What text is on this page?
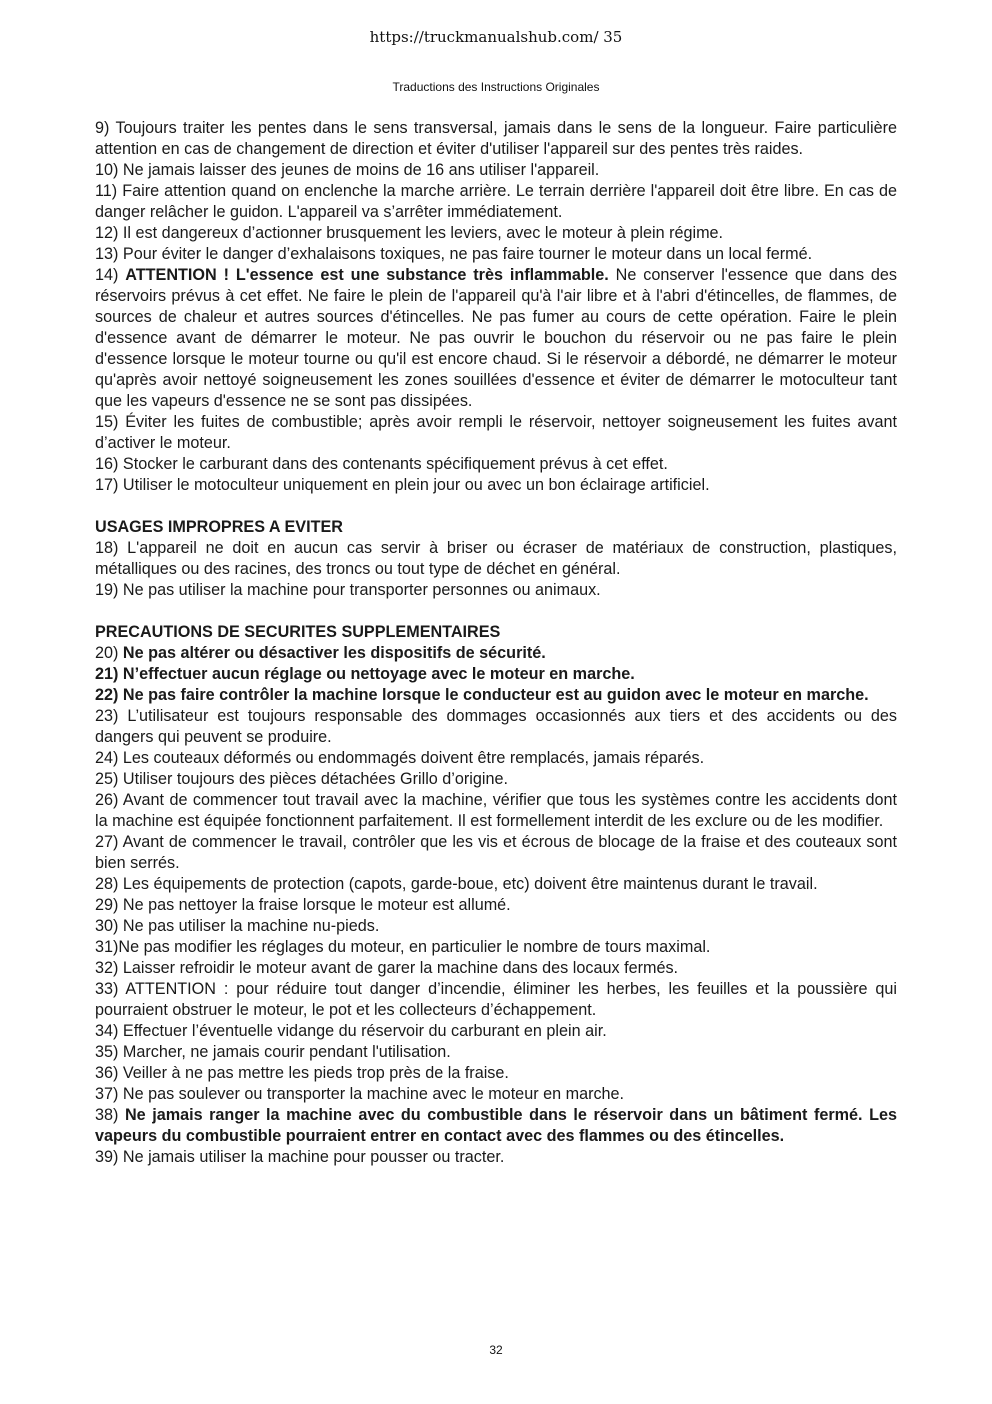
https://truckmanualshub.com/ 35
Traductions des Instructions Originales

9) Toujours traiter les pentes dans le sens transversal, jamais dans le sens de la longueur. Faire particulière attention en cas de changement de direction et éviter d'utiliser l'appareil sur des pentes très raides.

10) Ne jamais laisser des jeunes de moins de 16 ans utiliser l'appareil.

11) Faire attention quand on enclenche la marche arrière. Le terrain derrière l'appareil doit être libre. En cas de danger relâcher le guidon. L'appareil va s’arrêter immédiatement.

12) Il est dangereux d’actionner brusquement les leviers, avec le moteur à plein régime.

13) Pour éviter le danger d’exhalaisons toxiques, ne pas faire tourner le moteur dans un local fermé.

14) ATTENTION ! L'essence est une substance très inflammable. Ne conserver l'essence que dans des réservoirs prévus à cet effet. Ne faire le plein de l'appareil qu'à l'air libre et à l'abri d'étincelles, de flammes, de sources de chaleur et autres sources d'étincelles. Ne pas fumer au cours de cette opération. Faire le plein d'essence avant de démarrer le moteur. Ne pas ouvrir le bouchon du réservoir ou ne pas faire le plein d'essence lorsque le moteur tourne ou qu'il est encore chaud. Si le réservoir a débordé, ne démarrer le moteur qu'après avoir nettoyé soigneusement les zones souillées d'essence et éviter de démarrer le motoculteur tant que les vapeurs d'essence ne se sont pas dissipées.

15) Éviter les fuites de combustible; après avoir rempli le réservoir, nettoyer soigneusement les fuites avant d’activer le moteur.

16) Stocker le carburant dans des contenants spécifiquement prévus à cet effet.

17) Utiliser le motoculteur uniquement en plein jour ou avec un bon éclairage artificiel.

USAGES IMPROPRES A EVITER

18) L'appareil ne doit en aucun cas servir à briser ou écraser de matériaux de construction, plastiques, métalliques ou des racines, des troncs ou tout type de déchet en général.

19) Ne pas utiliser la machine pour transporter personnes ou animaux.

PRECAUTIONS DE SECURITES SUPPLEMENTAIRES

20) Ne pas altérer ou désactiver les dispositifs de sécurité.

21) N’effectuer aucun réglage ou nettoyage avec le moteur en marche.

22) Ne pas faire contrôler la machine lorsque le conducteur est au guidon avec le moteur en marche.

23) L’utilisateur est toujours responsable des dommages occasionnés aux tiers et des accidents ou des dangers qui peuvent se produire.

24) Les couteaux déformés ou endommagés doivent être remplacés, jamais réparés.

25) Utiliser toujours des pièces détachées Grillo d’origine.

26) Avant de commencer tout travail avec la machine, vérifier que tous les systèmes contre les accidents dont la machine est équipée fonctionnent parfaitement. Il est formellement interdit de les exclure ou de les modifier.

27) Avant de commencer le travail, contrôler que les vis et écrous de blocage de la fraise et des couteaux sont bien serrés.

28) Les équipements de protection (capots, garde-boue, etc) doivent être maintenus durant le travail.

29) Ne pas nettoyer la fraise lorsque le moteur est allumé.

30) Ne pas utiliser la machine nu-pieds.

31)Ne pas modifier les réglages du moteur, en particulier le nombre de tours maximal.

32) Laisser refroidir le moteur avant de garer la machine dans des locaux fermés.

33) ATTENTION : pour réduire tout danger d’incendie, éliminer les herbes, les feuilles et la poussière qui pourraient obstruer le moteur, le pot et les collecteurs d’échappement.

34) Effectuer l’éventuelle vidange du réservoir du carburant en plein air.

35) Marcher, ne jamais courir pendant l'utilisation.

36) Veiller à ne pas mettre les pieds trop près de la fraise.

37) Ne pas soulever ou transporter la machine avec le moteur en marche.

38) Ne jamais ranger la machine avec du combustible dans le réservoir dans un bâtiment fermé. Les vapeurs du combustible pourraient entrer en contact avec des flammes ou des étincelles.

39) Ne jamais utiliser la machine pour pousser ou tracter.

32
